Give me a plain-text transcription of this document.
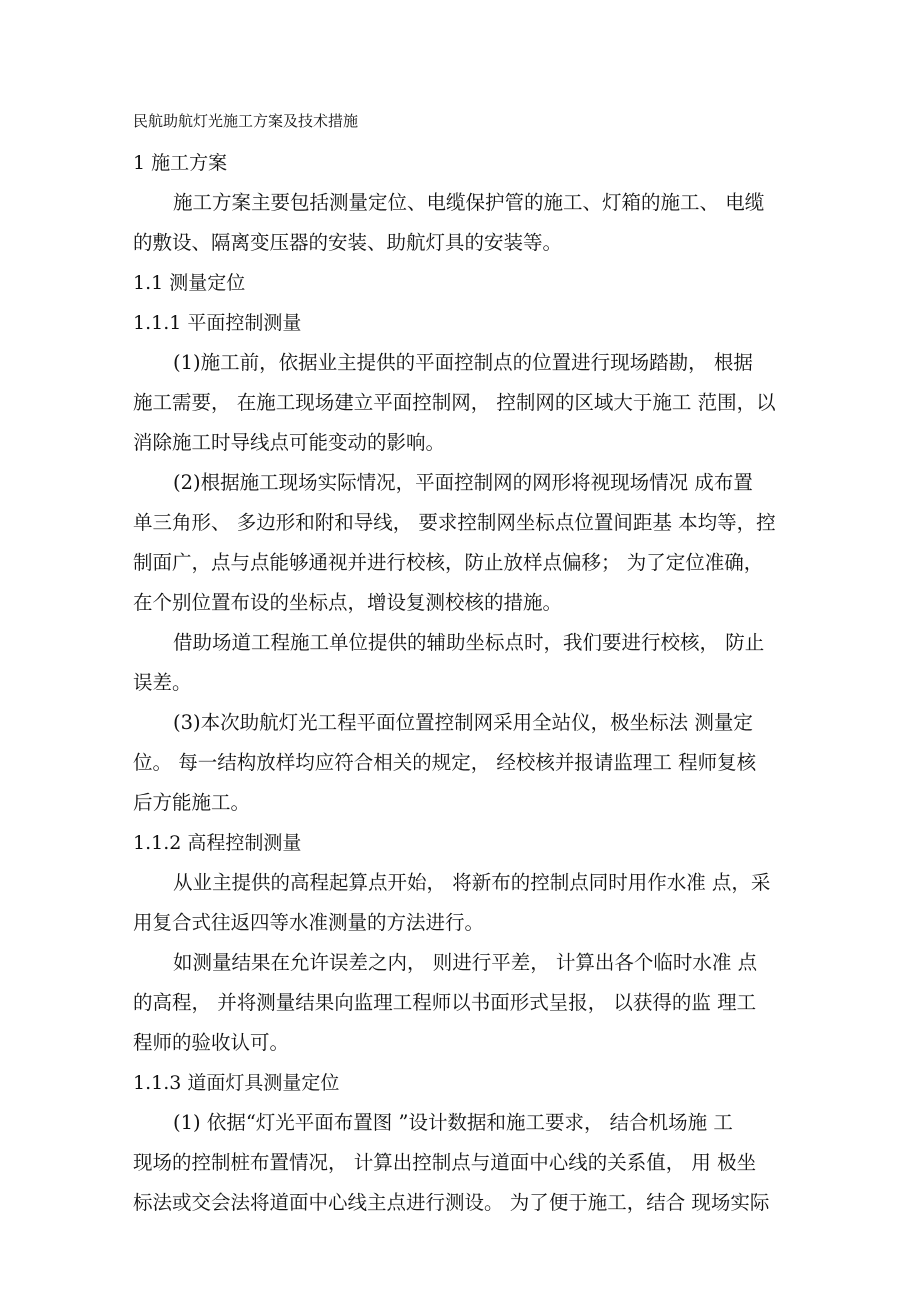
民航助航灯光施工方案及技术措施
1 施工方案
施工方案主要包括测量定位、电缆保护管的施工、灯箱的施工、 电缆
的敷设、隔离变压器的安装、助航灯具的安装等。
1.1 测量定位
1.1.1 平面控制测量
(1)施工前，依据业主提供的平面控制点的位置进行现场踏勘， 根据
施工需要， 在施工现场建立平面控制网， 控制网的区域大于施工 范围，以
消除施工时导线点可能变动的影响。
(2)根据施工现场实际情况，平面控制网的网形将视现场情况 成布置
单三角形、 多边形和附和导线， 要求控制网坐标点位置间距基 本均等，控
制面广，点与点能够通视并进行校核，防止放样点偏移； 为了定位准确，
在个别位置布设的坐标点，增设复测校核的措施。
借助场道工程施工单位提供的辅助坐标点时，我们要进行校核， 防止
误差。
(3)本次助航灯光工程平面位置控制网采用全站仪，极坐标法 测量定
位。 每一结构放样均应符合相关的规定， 经校核并报请监理工 程师复核
后方能施工。
1.1.2 高程控制测量
从业主提供的高程起算点开始， 将新布的控制点同时用作水准 点，采
用复合式往返四等水准测量的方法进行。
如测量结果在允许误差之内， 则进行平差， 计算出各个临时水准 点
的高程， 并将测量结果向监理工程师以书面形式呈报， 以获得的监 理工
程师的验收认可。
1.1.3 道面灯具测量定位
(1) 依据“灯光平面布置图 ”设计数据和施工要求， 结合机场施 工
现场的控制桩布置情况， 计算出控制点与道面中心线的关系值， 用 极坐
标法或交会法将道面中心线主点进行测设。 为了便于施工，结合 现场实际
